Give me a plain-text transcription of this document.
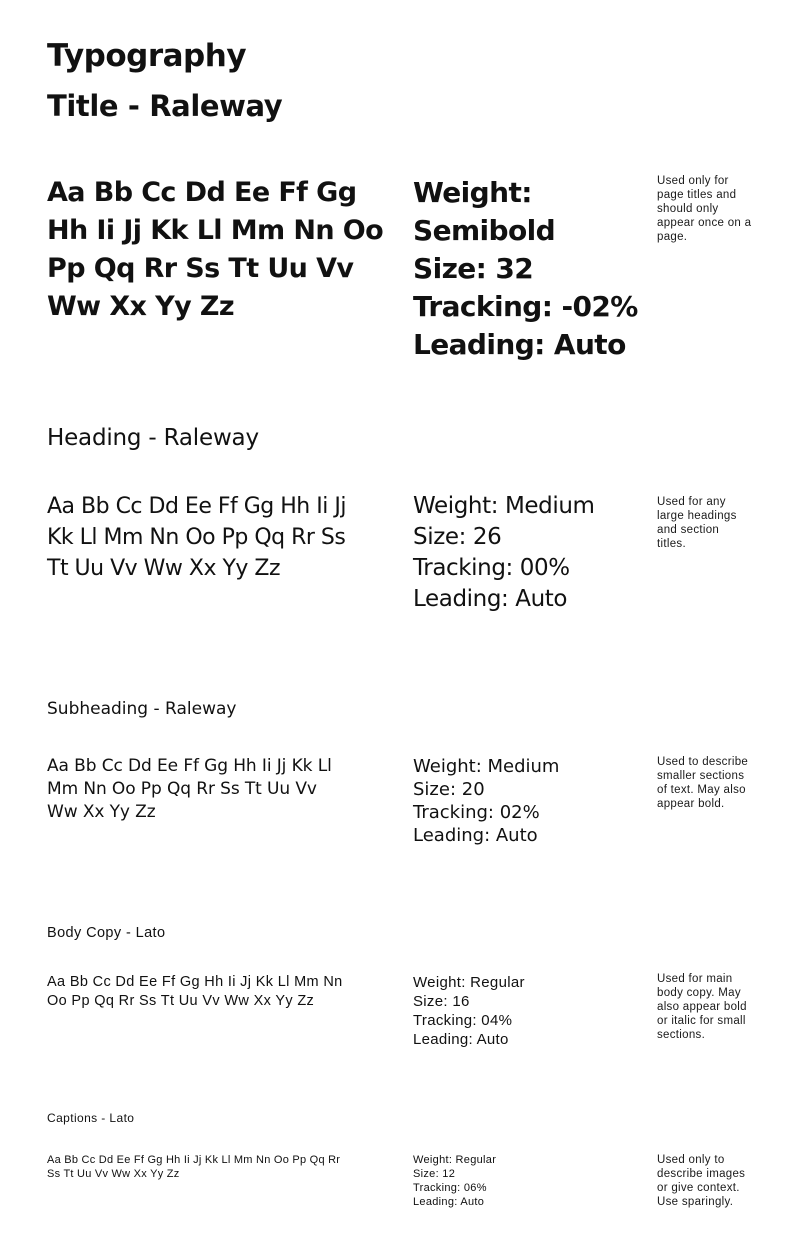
Typography
Title - Raleway
Aa Bb Cc Dd Ee Ff Gg
Hh Ii Jj Kk Ll Mm Nn Oo
Pp Qq Rr Ss Tt Uu Vv
Ww Xx Yy Zz
Weight:
Semibold
Size: 32
Tracking: -02%
Leading: Auto
Used only for
page titles and
should only
appear once on a
page.
Heading - Raleway
Aa Bb Cc Dd Ee Ff Gg Hh Ii Jj
Kk Ll Mm Nn Oo Pp Qq Rr Ss
Tt Uu Vv Ww Xx Yy Zz
Weight: Medium
Size: 26
Tracking: 00%
Leading: Auto
Used for any
large headings
and section
titles.
Subheading - Raleway
Aa Bb Cc Dd Ee Ff Gg Hh Ii Jj Kk Ll
Mm Nn Oo Pp Qq Rr Ss Tt Uu Vv
Ww Xx Yy Zz
Weight: Medium
Size: 20
Tracking: 02%
Leading: Auto
Used to describe
smaller sections
of text. May also
appear bold.
Body Copy - Lato
Aa Bb Cc Dd Ee Ff Gg Hh Ii Jj Kk Ll Mm Nn
Oo Pp Qq Rr Ss Tt Uu Vv Ww Xx Yy Zz
Weight: Regular
Size: 16
Tracking: 04%
Leading: Auto
Used for main
body copy. May
also appear bold
or italic for small
sections.
Captions - Lato
Aa Bb Cc Dd Ee Ff Gg Hh Ii Jj Kk Ll Mm Nn Oo Pp Qq Rr
Ss Tt Uu Vv Ww Xx Yy Zz
Weight: Regular
Size: 12
Tracking: 06%
Leading: Auto
Used only to
describe images
or give context.
Use sparingly.
